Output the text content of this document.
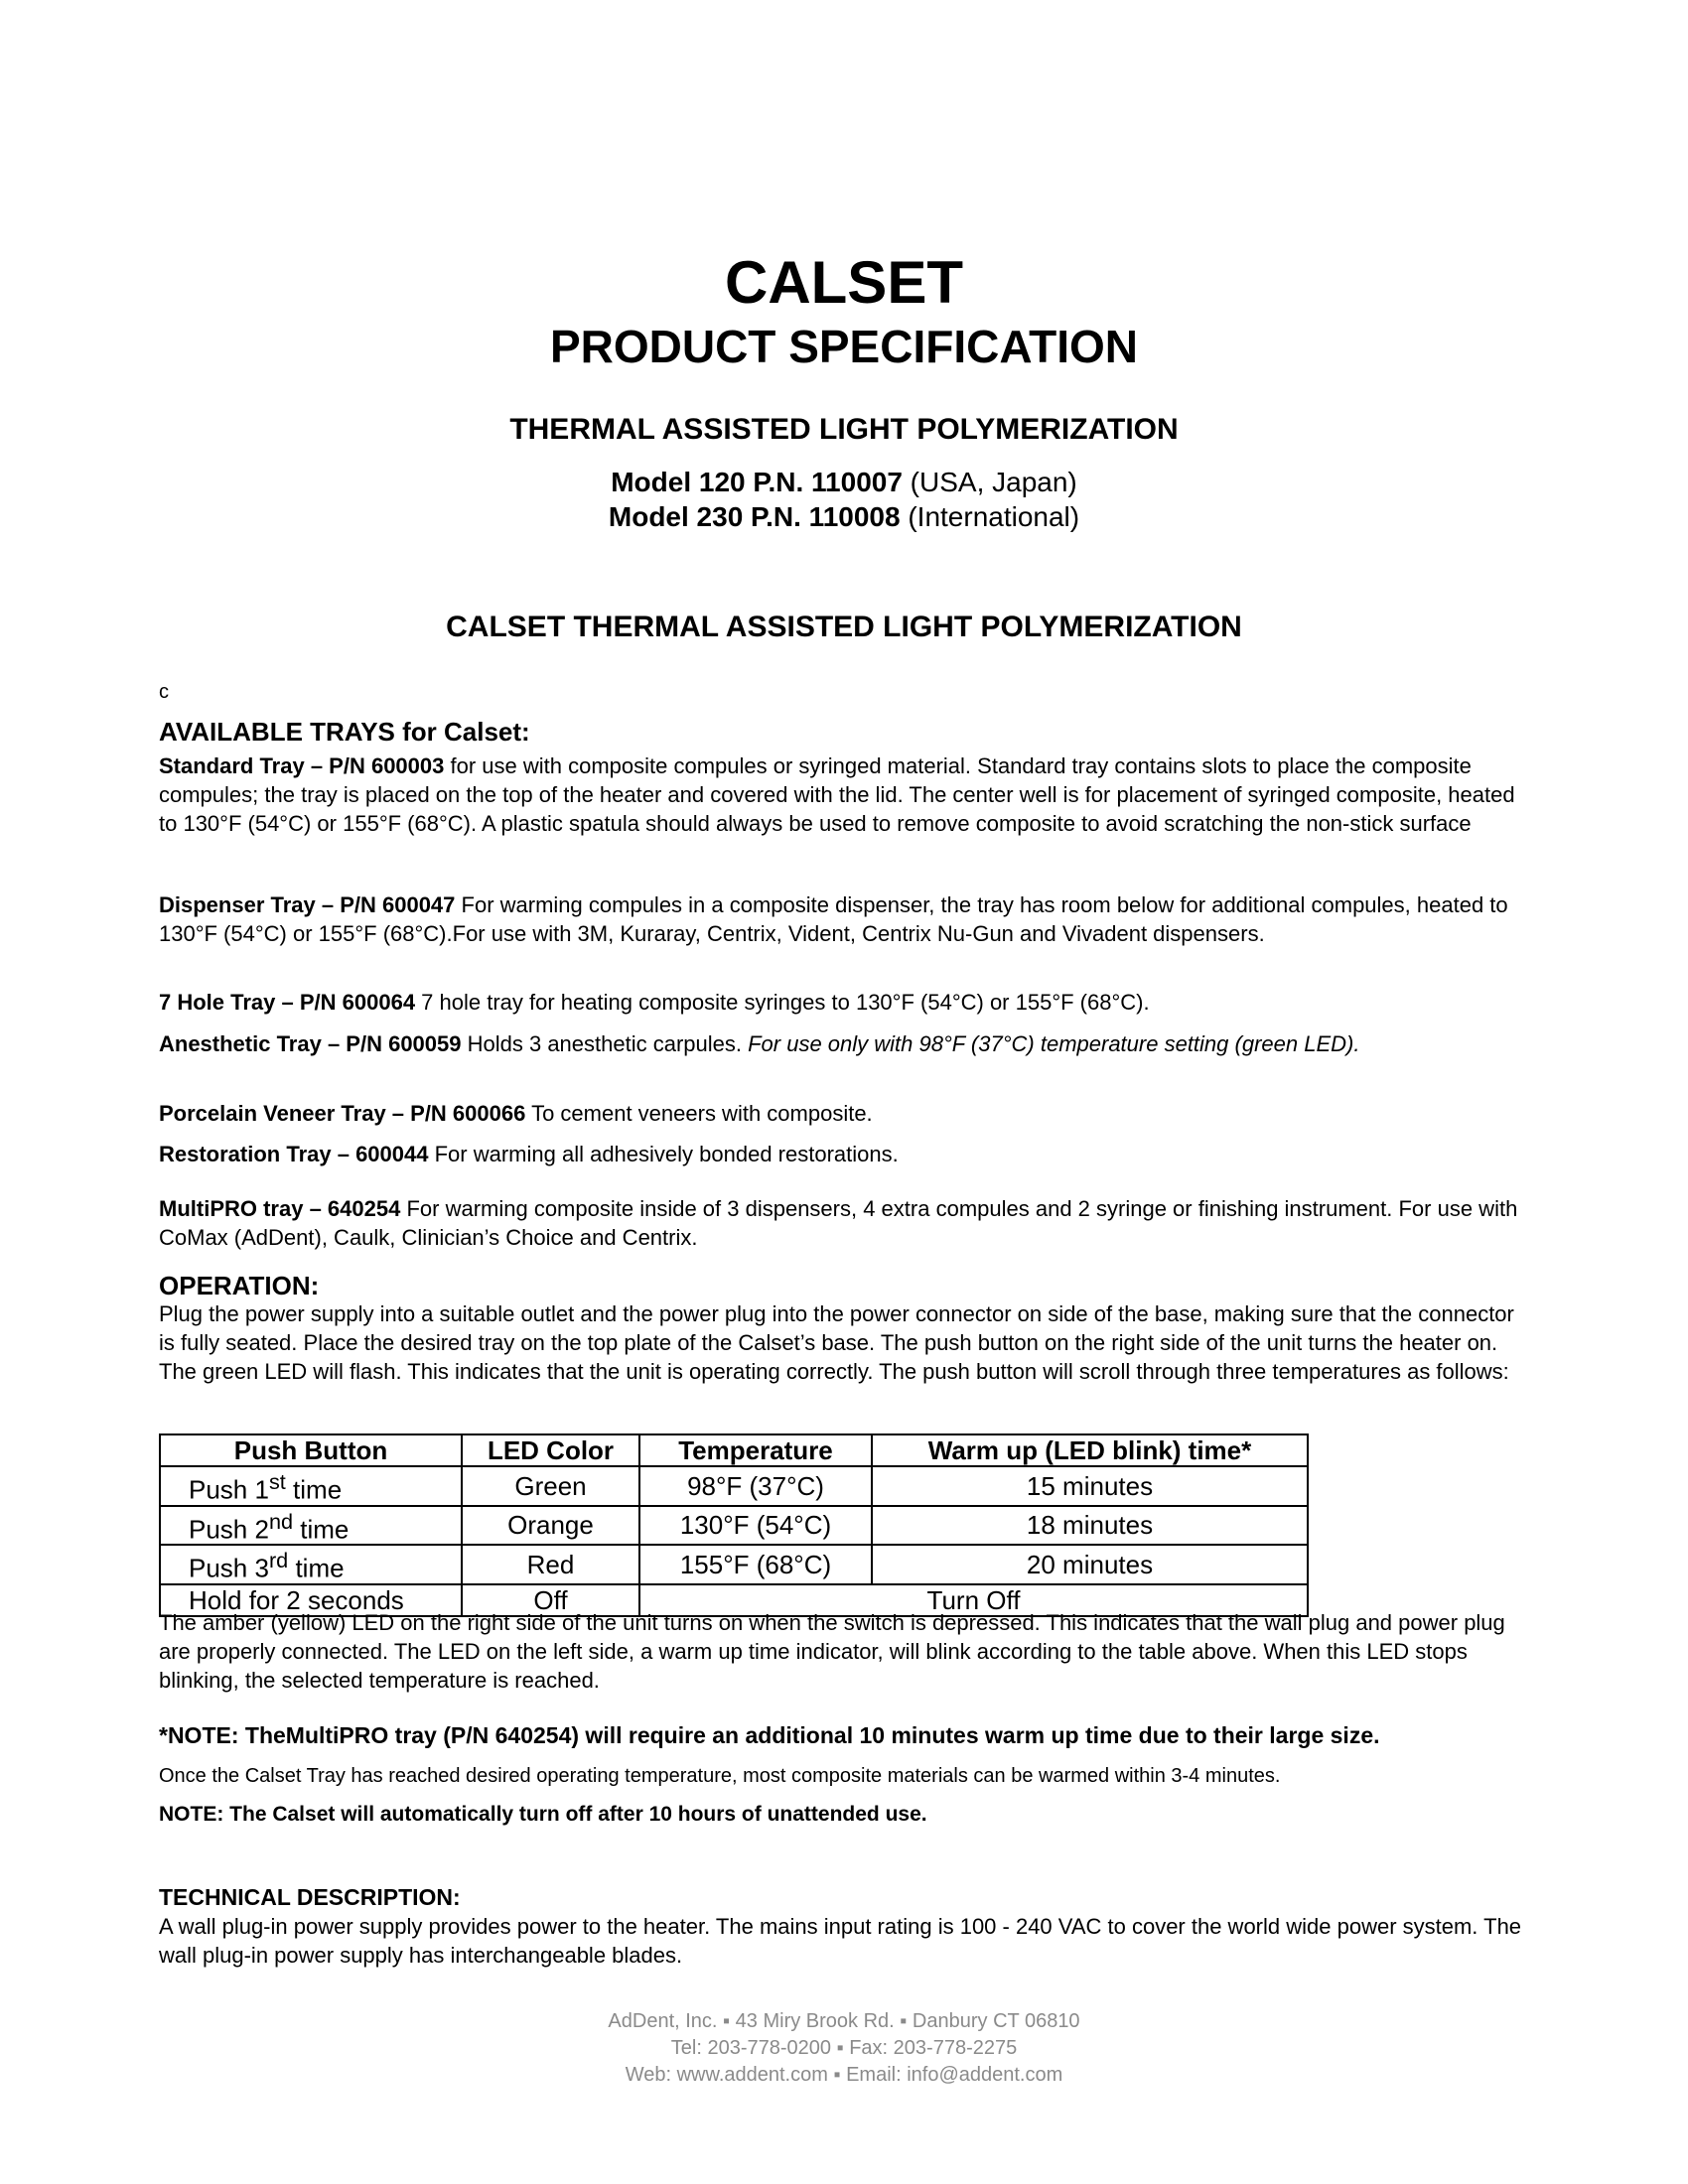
CALSET
PRODUCT SPECIFICATION
THERMAL ASSISTED LIGHT POLYMERIZATION
Model 120 P.N. 110007 (USA, Japan)
Model 230 P.N. 110008 (International)
CALSET THERMAL ASSISTED LIGHT POLYMERIZATION
c
AVAILABLE TRAYS for Calset:
Standard Tray – P/N 600003 for use with composite compules or syringed material. Standard tray contains slots to place the composite compules; the tray is placed on the top of the heater and covered with the lid. The center well is for placement of syringed composite, heated to 130°F (54°C) or 155°F (68°C). A plastic spatula should always be used to remove composite to avoid scratching the non-stick surface
Dispenser Tray – P/N 600047 For warming compules in a composite dispenser, the tray has room below for additional compules, heated to 130°F (54°C) or 155°F (68°C).For use with 3M, Kuraray, Centrix, Vident, Centrix Nu-Gun and Vivadent dispensers.
7 Hole Tray – P/N 600064 7 hole tray for heating composite syringes to 130°F (54°C) or 155°F (68°C).
Anesthetic Tray – P/N 600059 Holds 3 anesthetic carpules. For use only with 98°F (37°C) temperature setting (green LED).
Porcelain Veneer Tray – P/N 600066 To cement veneers with composite.
Restoration Tray – 600044 For warming all adhesively bonded restorations.
MultiPRO tray – 640254 For warming composite inside of 3 dispensers, 4 extra compules and 2 syringe or finishing instrument. For use with CoMax (AdDent), Caulk, Clinician’s Choice and Centrix.
OPERATION:
Plug the power supply into a suitable outlet and the power plug into the power connector on side of the base, making sure that the connector is fully seated. Place the desired tray on the top plate of the Calset’s base. The push button on the right side of the unit turns the heater on. The green LED will flash. This indicates that the unit is operating correctly. The push button will scroll through three temperatures as follows:
Push Button	LED Color	Temperature	Warm up (LED blink) time*
Push 1st time	Green	98°F (37°C)	15 minutes
Push 2nd time	Orange	130°F (54°C)	18 minutes
Push 3rd time	Red	155°F (68°C)	20 minutes
Hold for 2 seconds	Off	Turn Off	
The amber (yellow) LED on the right side of the unit turns on when the switch is depressed. This indicates that the wall plug and power plug are properly connected. The LED on the left side, a warm up time indicator, will blink according to the table above. When this LED stops blinking, the selected temperature is reached.
*NOTE: TheMultiPRO tray (P/N 640254) will require an additional 10 minutes warm up time due to their large size.
Once the Calset Tray has reached desired operating temperature, most composite materials can be warmed within 3-4 minutes.
NOTE: The Calset will automatically turn off after 10 hours of unattended use.
TECHNICAL DESCRIPTION:
A wall plug-in power supply provides power to the heater. The mains input rating is 100 - 240 VAC to cover the world wide power system. The wall plug-in power supply has interchangeable blades.
AdDent, Inc. ▪ 43 Miry Brook Rd. ▪ Danbury CT 06810
Tel: 203-778-0200 ▪ Fax: 203-778-2275
Web: www.addent.com ▪ Email: info@addent.com
